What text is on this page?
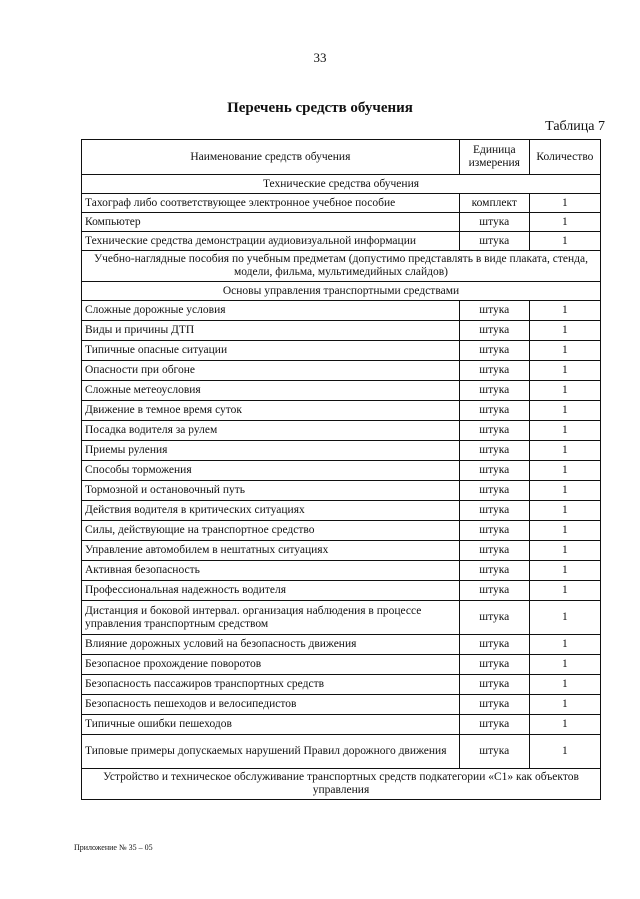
33
Перечень средств обучения
Таблица 7
Наименование средств обучения	Единица измерения	Количество
Технические средства обучения		
Тахограф либо соответствующее электронное учебное пособие	комплект	1
Компьютер	штука	1
Технические средства демонстрации аудиовизуальной информации	штука	1
Учебно-наглядные пособия по учебным предметам (допустимо представлять в виде плаката, стенда, модели, фильма, мультимедийных слайдов)		
Основы управления транспортными средствами		
Сложные дорожные условия	штука	1
Виды и причины ДТП	штука	1
Типичные опасные ситуации	штука	1
Опасности при обгоне	штука	1
Сложные метеоусловия	штука	1
Движение в темное время суток	штука	1
Посадка водителя за рулем	штука	1
Приемы руления	штука	1
Способы торможения	штука	1
Тормозной и остановочный путь	штука	1
Действия водителя в критических ситуациях	штука	1
Силы, действующие на транспортное средство	штука	1
Управление автомобилем в нештатных ситуациях	штука	1
Активная безопасность	штука	1
Профессиональная надежность водителя	штука	1
Дистанция и боковой интервал. организация наблюдения в процессе управления транспортным средством	штука	1
Влияние дорожных условий на безопасность движения	штука	1
Безопасное прохождение поворотов	штука	1
Безопасность пассажиров транспортных средств	штука	1
Безопасность пешеходов и велосипедистов	штука	1
Типичные ошибки пешеходов	штука	1
Типовые примеры допускаемых нарушений Правил дорожного движения	штука	1
Устройство и техническое обслуживание транспортных средств подкатегории «С1» как объектов управления		
Приложение № 35 – 05
